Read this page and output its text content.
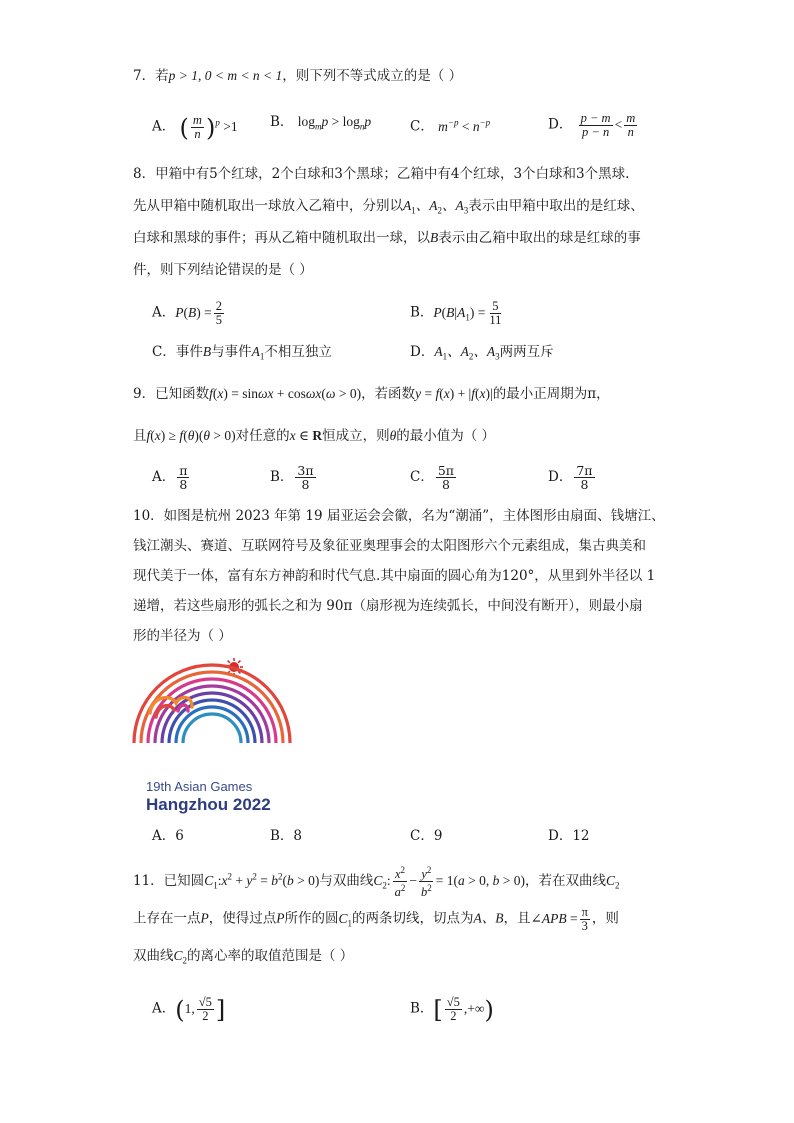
7．若p > 1, 0 < m < n < 1，则下列不等式成立的是（ ）
A． ( $\frac{m}{n} )^p >1$ B． $\log_mp > \log_np$	C． $m^{-p} < n^{-p}$	D． $\frac{p - m}{p - n} < \frac{m}{n}$
8．甲箱中有5个红球，2个白球和3个黑球；乙箱中有4个红球，3个白球和3个黑球.
先从甲箱中随机取出一球放入乙箱中，分别以$A_1$、$A_2$、$A_3$表示由甲箱中取出的是红球、
白球和黑球的事件；再从乙箱中随机取出一球，以B表示由乙箱中取出的球是红球的事
件，则下列结论错误的是（ ）
A．$P(B) = \frac{2}{5}$	B．$P(B|A_1) = \frac{5}{11}$
C．事件B与事件$A_1$不相互独立	D．$A_1$、$A_2$、$A_3$两两互斥
9．已知函数f(x) = sinωx + cosωx(ω > 0)，若函数y = f(x) + |f(x)|的最小正周期为π，
且f(x) ≥ f(θ)(θ > 0)对任意的x ∈ R恒成立，则θ的最小值为（ ）
A． $\frac{\pi}{8}$	B． $\frac{3\pi}{8}$	C． $\frac{5\pi}{8}$	D． $\frac{7\pi}{8}$
10．如图是杭州 2023 年第 19 届亚运会会徽，名为“潮涌”，主体图形由扇面、钱塘江、
钱江潮头、赛道、互联网符号及象征亚奥理事会的太阳图形六个元素组成，集古典美和
现代美于一体，富有东方神韵和时代气息.其中扇面的圆心角为120°，从里到外半径以 1
递增，若这些扇形的弧长之和为 90π（扇形视为连续弧长，中间没有断开），则最小扇
形的半径为（ ）
19th Asian Games
Hangzhou 2022
A．6	B．8	C．9	D．12
11．已知圆$C_1:x^2 + y^2 = b^2(b > 0)$与双曲线$C_2$: $\frac{x^2}{a^2} - \frac{y^2}{b^2} = 1(a > 0$, b > 0)，若在双曲线$C_2$
上存在一点P，使得过点P所作的圆$C_1$的两条切线，切点为A、B，且∠APB = $\frac{\pi}{3}$ ，则
双曲线$C_2$的离心率的取值范围是（ ）
A．(1, $\frac{√5}{2}$ ]	B．[ $\frac{√5}{2}$ ,+∞)
